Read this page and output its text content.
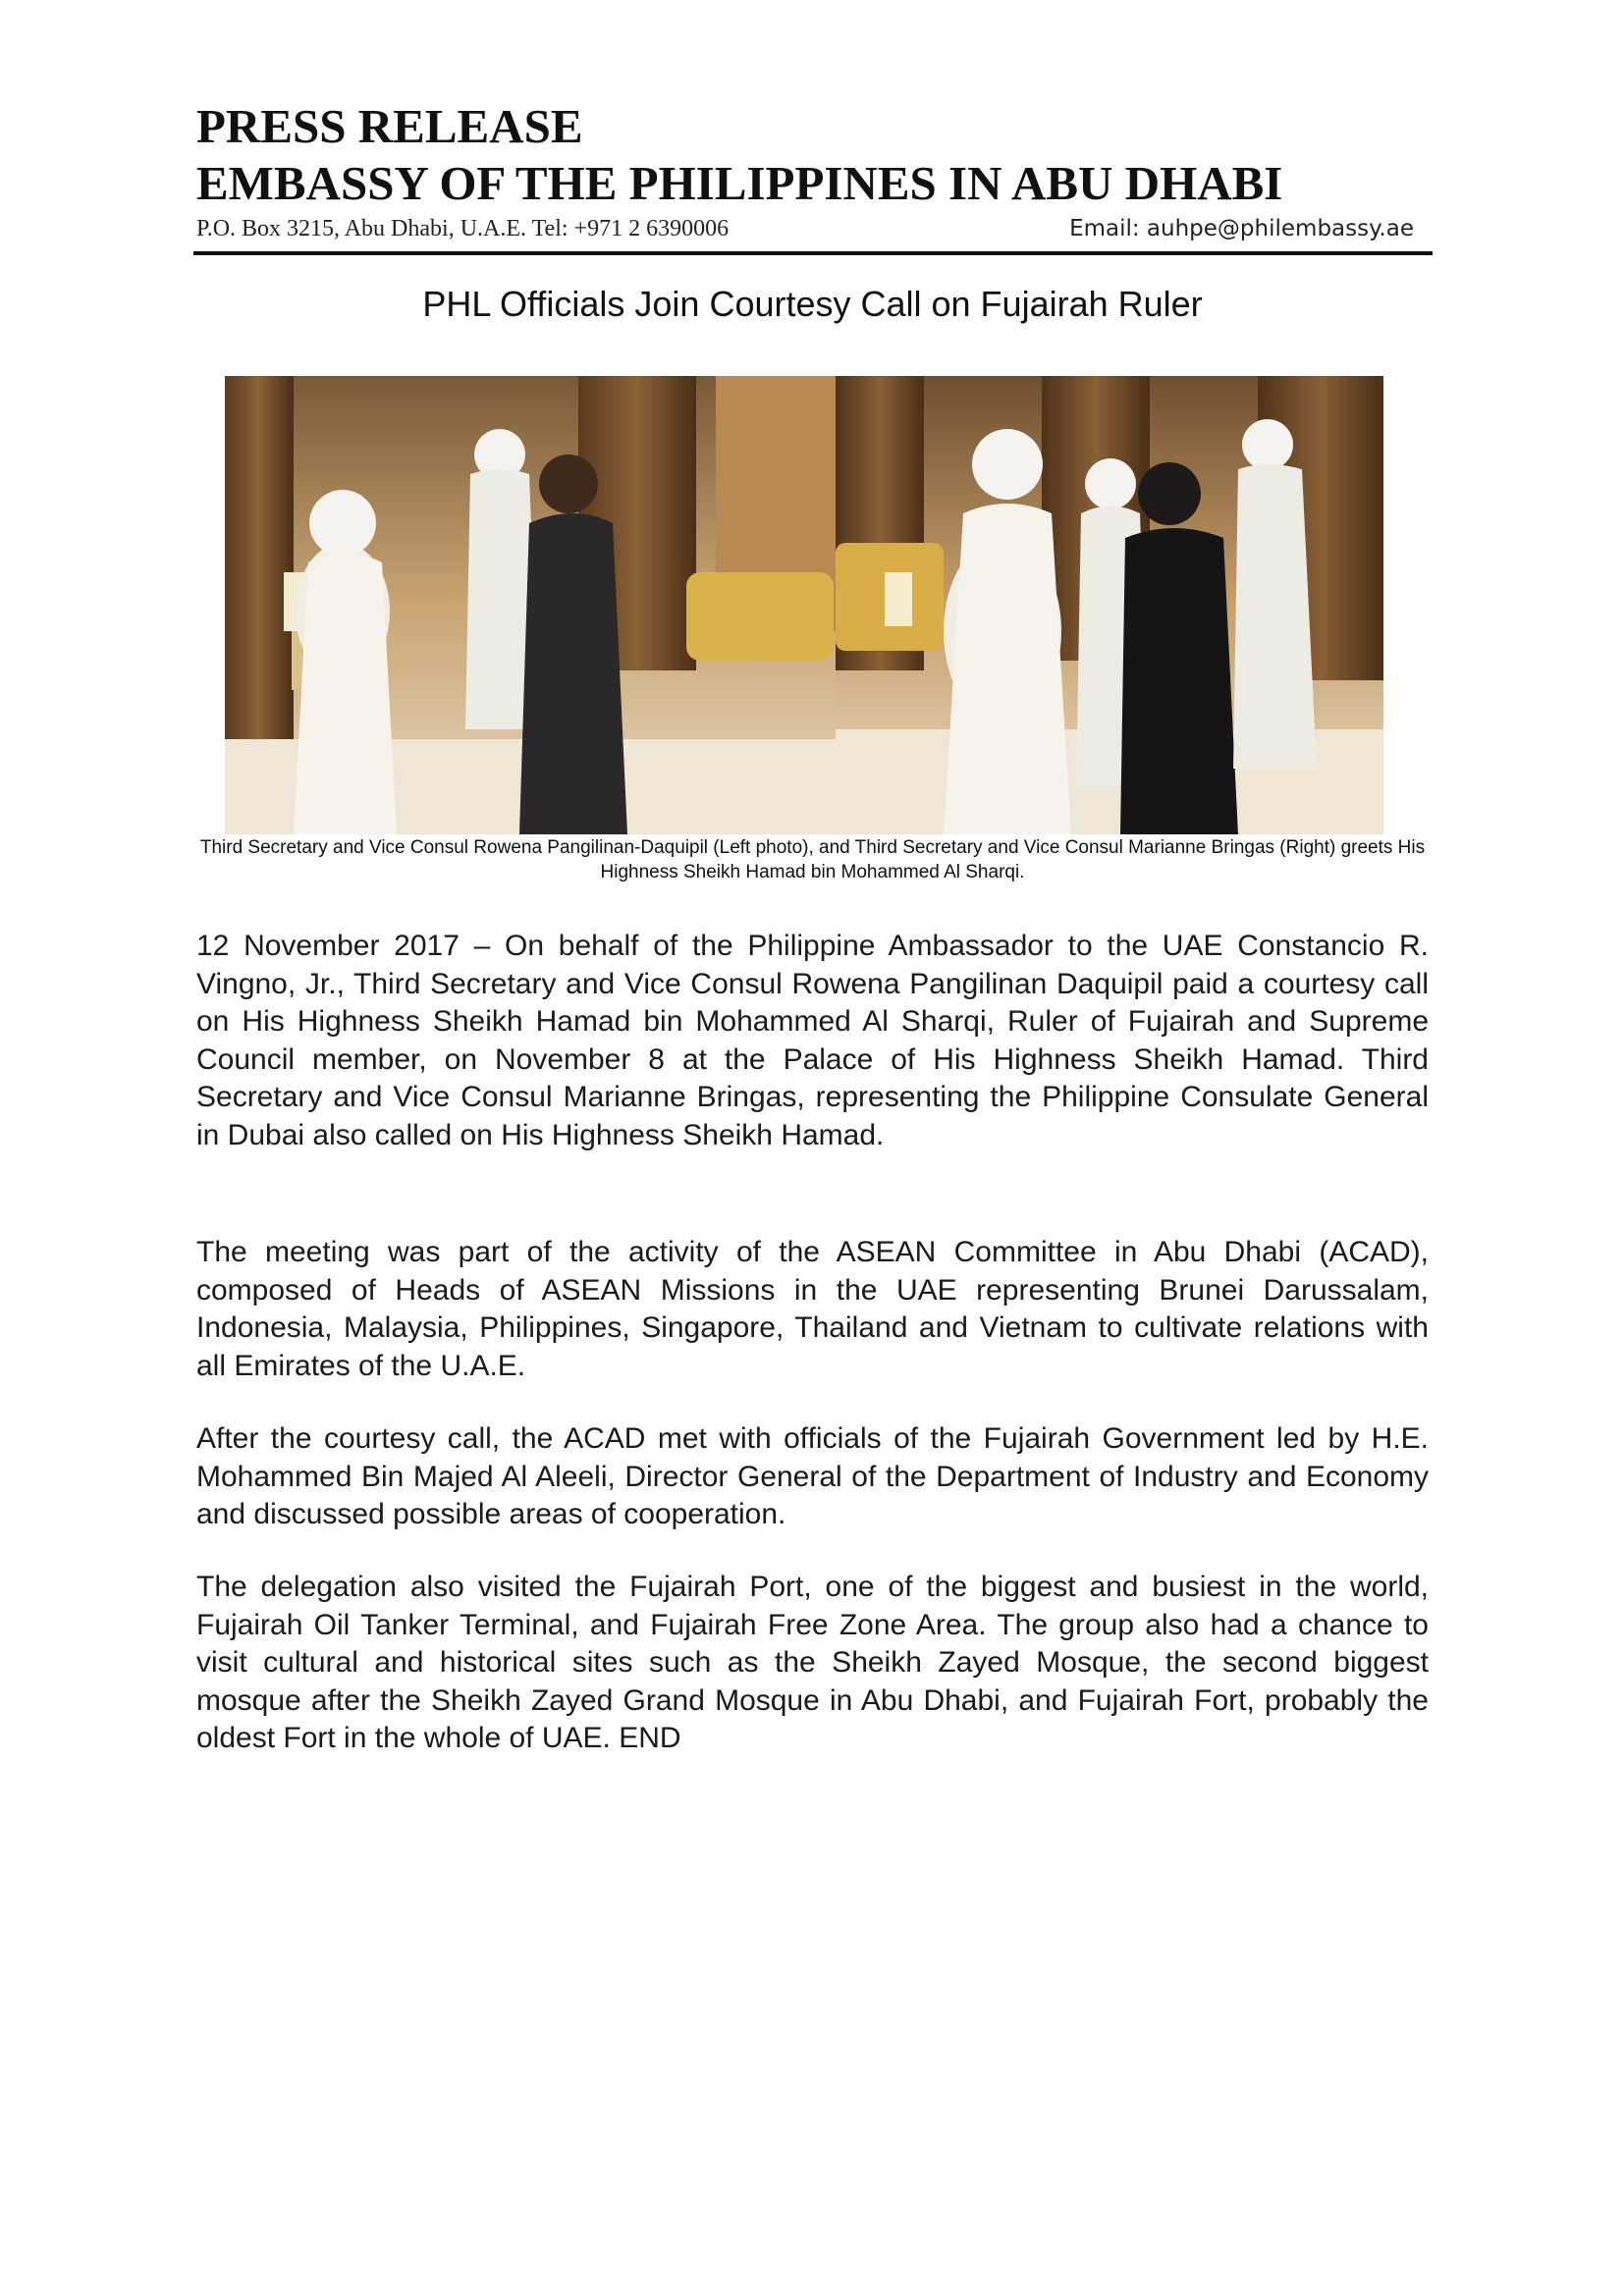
PRESS RELEASE
EMBASSY OF THE PHILIPPINES IN ABU DHABI
P.O. Box 3215, Abu Dhabi, U.A.E. Tel: +971 2 6390006	Email: auhpe@philembassy.ae
PHL Officials Join Courtesy Call on Fujairah Ruler
Third Secretary and Vice Consul Rowena Pangilinan-Daquipil (Left photo), and Third Secretary and Vice Consul Marianne Bringas (Right) greets His Highness Sheikh Hamad bin Mohammed Al Sharqi.

12 November 2017 – On behalf of the Philippine Ambassador to the UAE Constancio R. Vingno, Jr., Third Secretary and Vice Consul Rowena Pangilinan Daquipil paid a courtesy call on His Highness Sheikh Hamad bin Mohammed Al Sharqi, Ruler of Fujairah and Supreme Council member, on November 8 at the Palace of His Highness Sheikh Hamad. Third Secretary and Vice Consul Marianne Bringas, representing the Philippine Consulate General in Dubai also called on His Highness Sheikh Hamad.

The meeting was part of the activity of the ASEAN Committee in Abu Dhabi (ACAD), composed of Heads of ASEAN Missions in the UAE representing Brunei Darussalam, Indonesia, Malaysia, Philippines, Singapore, Thailand and Vietnam to cultivate relations with all Emirates of the U.A.E.

After the courtesy call, the ACAD met with officials of the Fujairah Government led by H.E. Mohammed Bin Majed Al Aleeli, Director General of the Department of Industry and Economy and discussed possible areas of cooperation.

The delegation also visited the Fujairah Port, one of the biggest and busiest in the world, Fujairah Oil Tanker Terminal, and Fujairah Free Zone Area. The group also had a chance to visit cultural and historical sites such as the Sheikh Zayed Mosque, the second biggest mosque after the Sheikh Zayed Grand Mosque in Abu Dhabi, and Fujairah Fort, probably the oldest Fort in the whole of UAE. END
